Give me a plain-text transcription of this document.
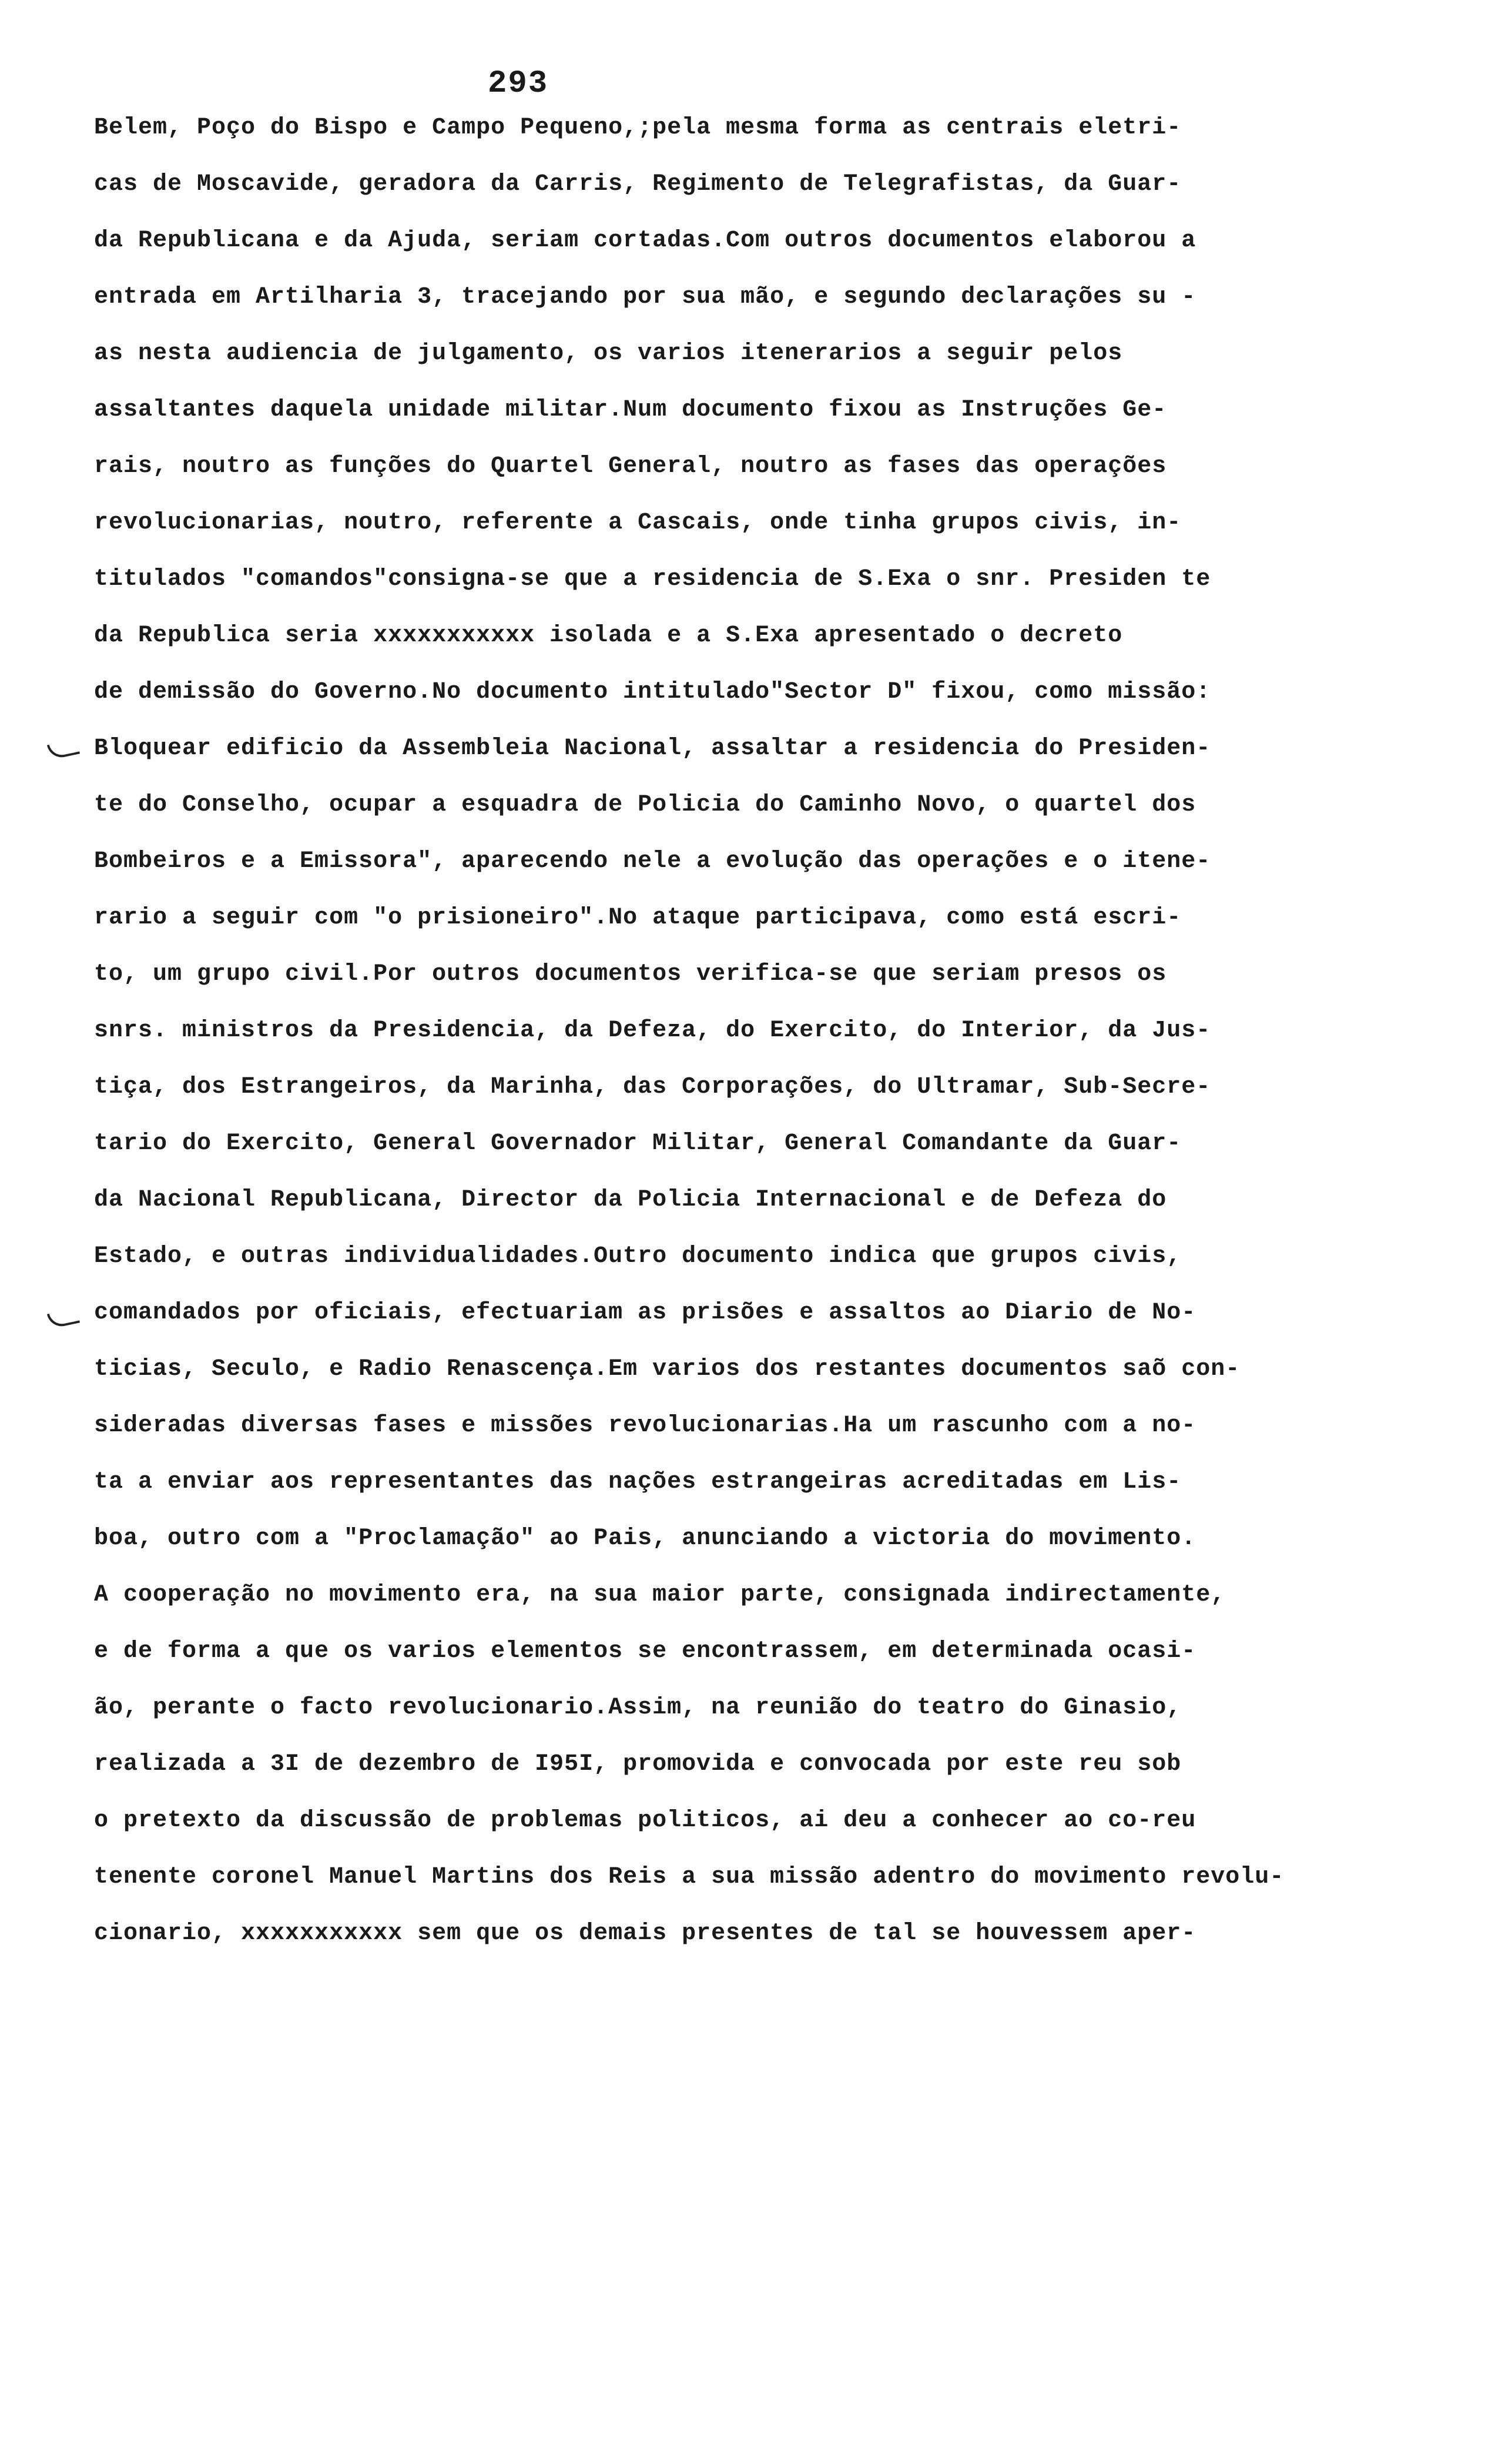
293
Belem, Poço do Bispo e Campo Pequeno,;pela mesma forma as centrais eletri-
cas de Moscavide, geradora da Carris, Regimento de Telegrafistas, da Guar-
da Republicana e da Ajuda, seriam cortadas.Com outros documentos elaborou a
entrada em Artilharia 3, tracejando por sua mão, e segundo declarações su -
as nesta audiencia de julgamento, os varios itenerarios a seguir pelos
assaltantes daquela unidade militar.Num documento fixou as Instruções Ge-
rais, noutro as funções do Quartel General, noutro as fases das operações
revolucionarias, noutro, referente a Cascais, onde tinha grupos civis, in-
titulados "comandos"consigna-se que a residencia de S.Exa o snr. Presiden te
da Republica seria xxxxxxxxxxx isolada e a S.Exa apresentado o decreto
de demissão do Governo.No documento intitulado"Sector D" fixou, como missão:
Bloquear edificio da Assembleia Nacional, assaltar a residencia do Presiden-
te do Conselho, ocupar a esquadra de Policia do Caminho Novo, o quartel dos
Bombeiros e a Emissora", aparecendo nele a evolução das operações e o itene-
rario a seguir com "o prisioneiro".No ataque participava, como está escri-
to, um grupo civil.Por outros documentos verifica-se que seriam presos os
snrs. ministros da Presidencia, da Defeza, do Exercito, do Interior, da Jus-
tiça, dos Estrangeiros, da Marinha, das Corporações, do Ultramar, Sub-Secre-
tario do Exercito, General Governador Militar, General Comandante da Guar-
da Nacional Republicana, Director da Policia Internacional e de Defeza do
Estado, e outras individualidades.Outro documento indica que grupos civis,
comandados por oficiais, efectuariam as prisões e assaltos ao Diario de No-
ticias, Seculo, e Radio Renascença.Em varios dos restantes documentos saõ con-
sideradas diversas fases e missões revolucionarias.Ha um rascunho com a no-
ta a enviar aos representantes das nações estrangeiras acreditadas em Lis-
boa, outro com a "Proclamação" ao Pais, anunciando a victoria do movimento.
A cooperação no movimento era, na sua maior parte, consignada indirectamente,
e de forma a que os varios elementos se encontrassem, em determinada ocasi-
ão, perante o facto revolucionario.Assim, na reunião do teatro do Ginasio,
realizada a 3I de dezembro de I95I, promovida e convocada por este reu sob
o pretexto da discussão de problemas politicos, ai deu a conhecer ao co-reu
tenente coronel Manuel Martins dos Reis a sua missão adentro do movimento revolu-
cionario, xxxxxxxxxxx sem que os demais presentes de tal se houvessem aper-
